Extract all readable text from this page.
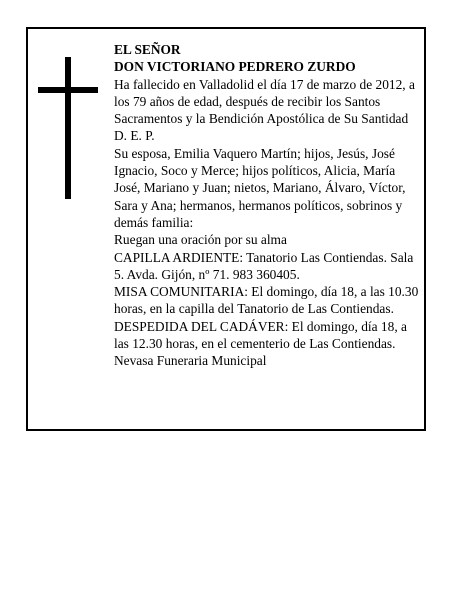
EL SEÑOR

DON VICTORIANO PEDRERO ZURDO

Ha fallecido en Valladolid el día 17 de marzo de 2012, a los 79 años de edad, después de recibir los Santos Sacramentos y la Bendición Apostólica de Su Santidad D. E. P.

Su esposa, Emilia Vaquero Martín; hijos, Jesús, José Ignacio, Soco y Merce; hijos políticos, Alicia, María José, Mariano y Juan; nietos, Mariano, Álvaro, Víctor, Sara y Ana; hermanos, hermanos políticos, sobrinos y demás familia:

Ruegan una oración por su alma

CAPILLA ARDIENTE: Tanatorio Las Contiendas. Sala 5. Avda. Gijón, nº 71. 983 360405.

MISA COMUNITARIA: El domingo, día 18, a las 10.30 horas, en la capilla del Tanatorio de Las Contiendas.

DESPEDIDA DEL CADÁVER: El domingo, día 18, a las 12.30 horas, en el cementerio de Las Contiendas.

Nevasa Funeraria Municipal
